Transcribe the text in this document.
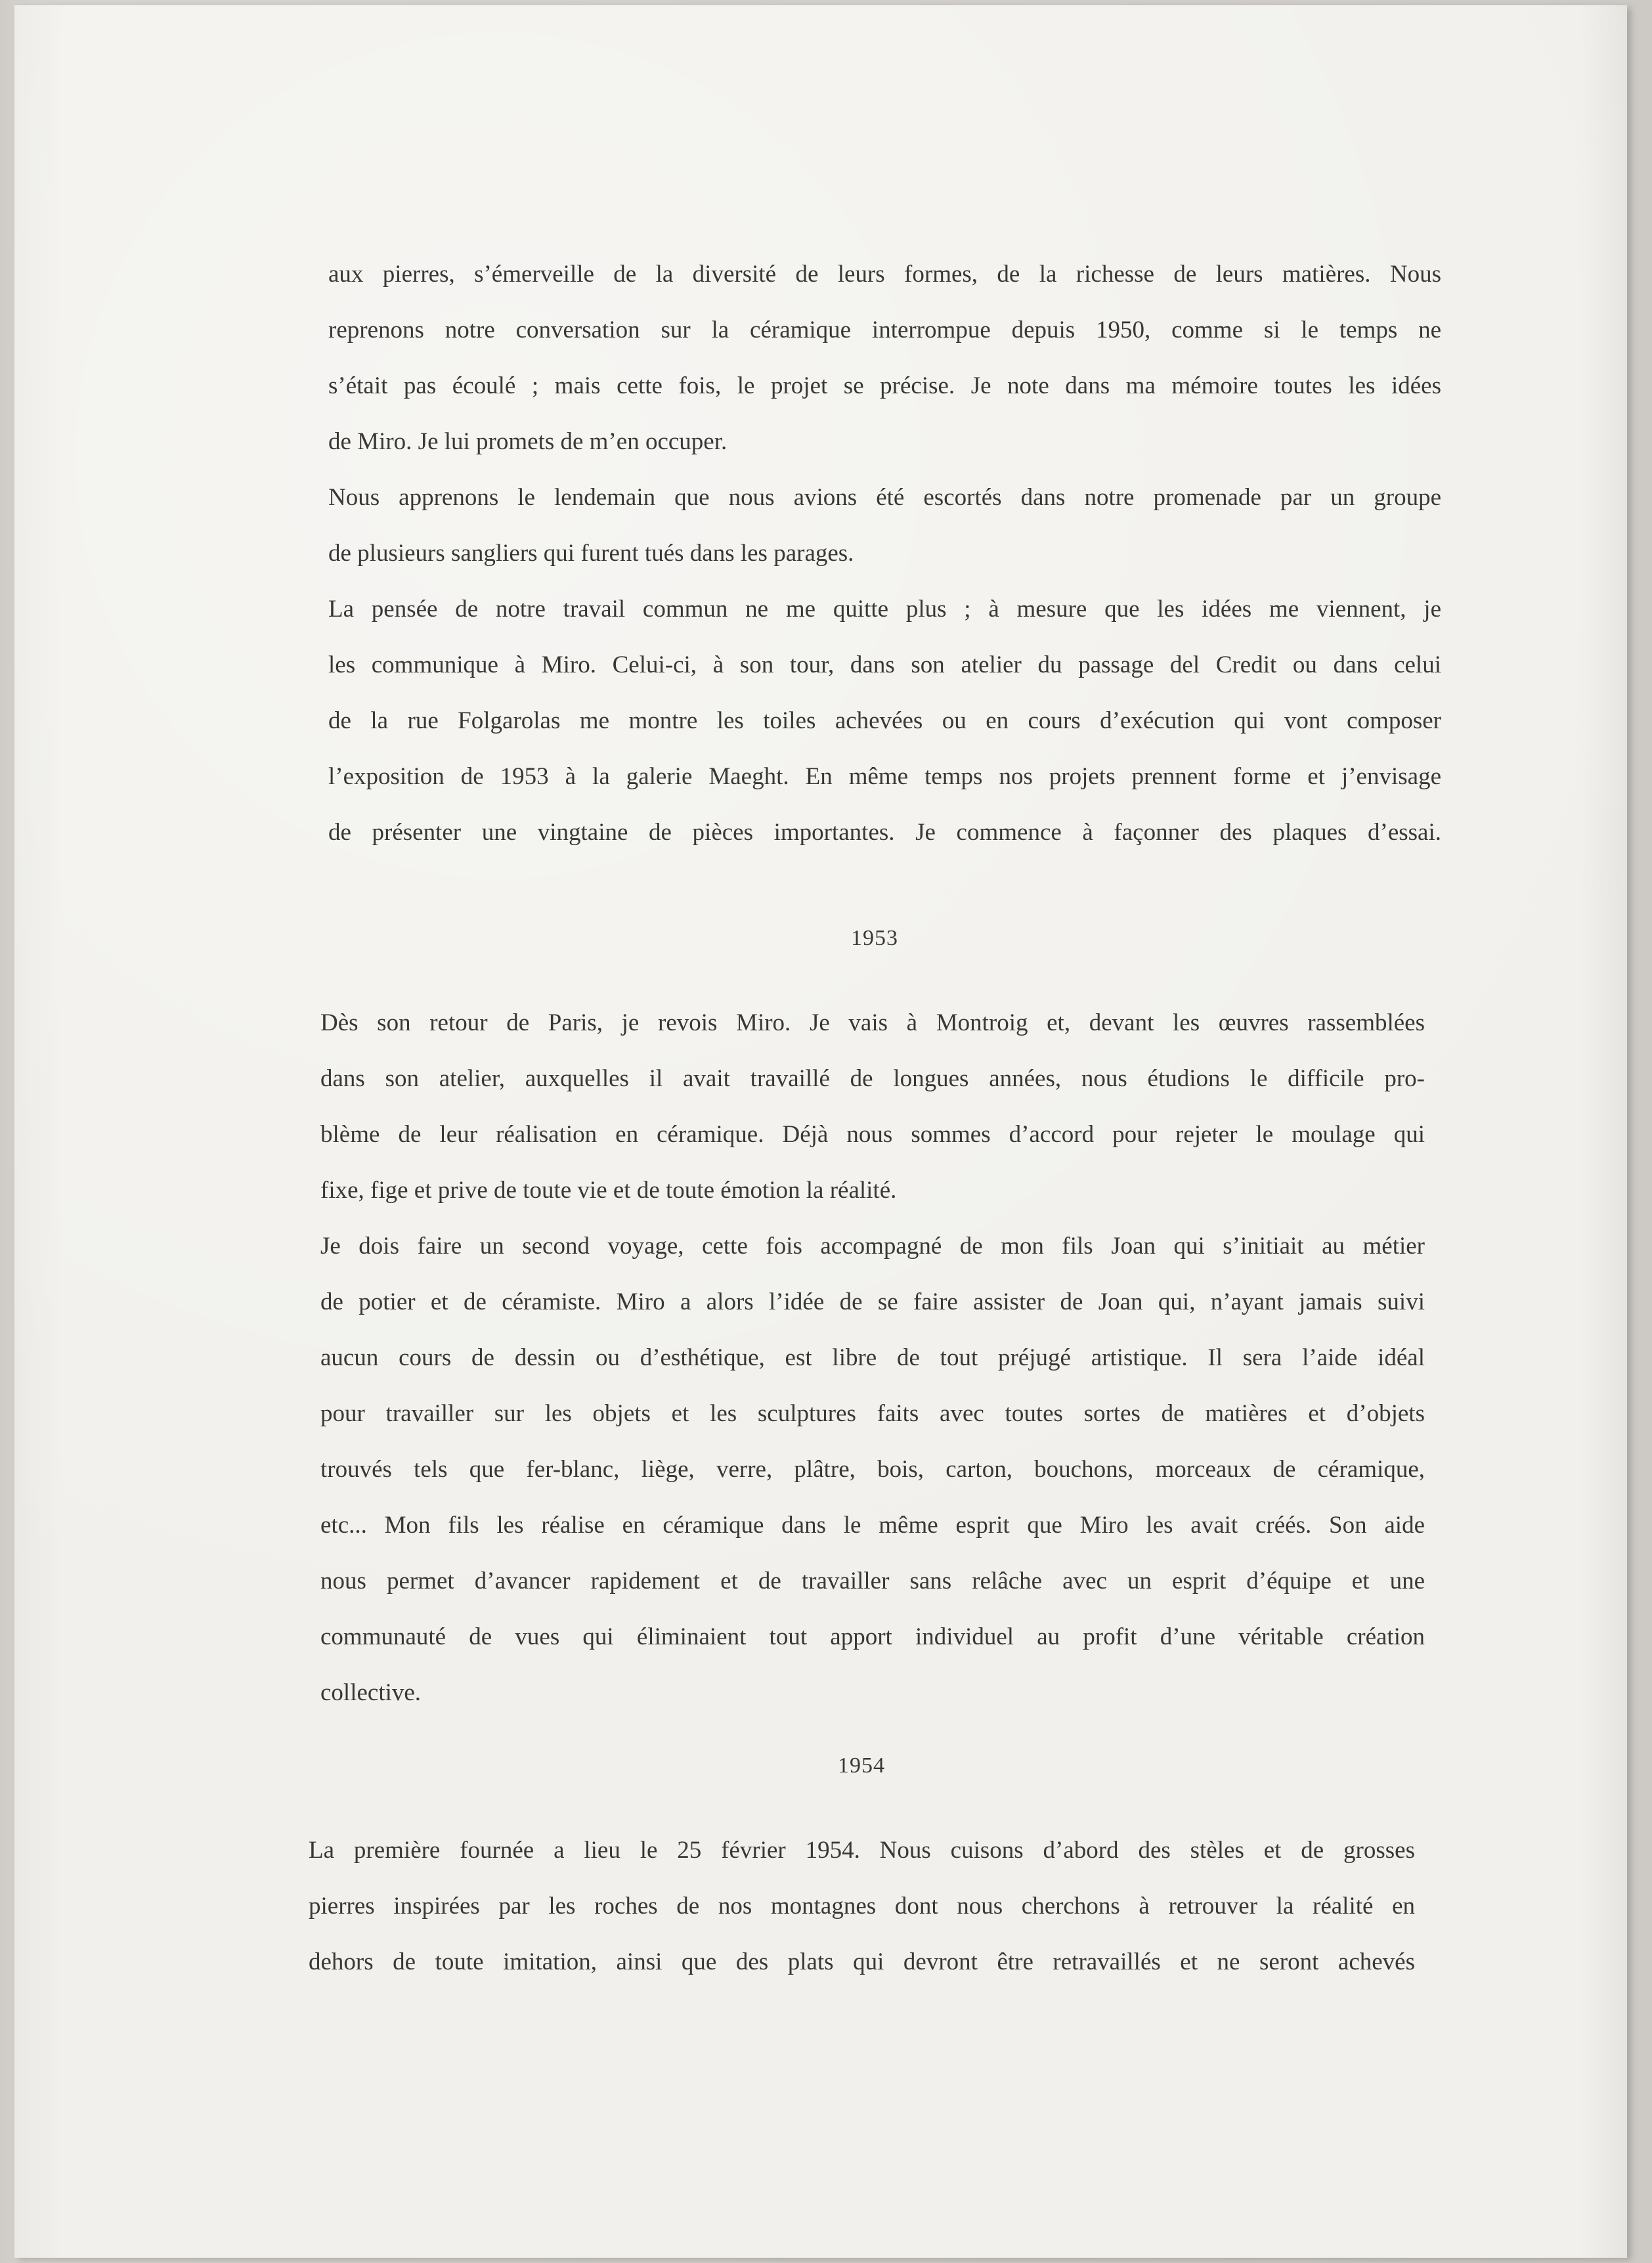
aux pierres, s’émerveille de la diversité de leurs formes, de la richesse de leurs matières. Nous
reprenons notre conversation sur la céramique interrompue depuis 1950, comme si le temps ne
s’était pas écoulé ; mais cette fois, le projet se précise. Je note dans ma mémoire toutes les idées
de Miro. Je lui promets de m’en occuper.
Nous apprenons le lendemain que nous avions été escortés dans notre promenade par un groupe
de plusieurs sangliers qui furent tués dans les parages.
La pensée de notre travail commun ne me quitte plus ; à mesure que les idées me viennent, je
les communique à Miro. Celui-ci, à son tour, dans son atelier du passage del Credit ou dans celui
de la rue Folgarolas me montre les toiles achevées ou en cours d’exécution qui vont composer
l’exposition de 1953 à la galerie Maeght. En même temps nos projets prennent forme et j’envisage
de présenter une vingtaine de pièces importantes. Je commence à façonner des plaques d’essai.
1953
Dès son retour de Paris, je revois Miro. Je vais à Montroig et, devant les œuvres rassemblées
dans son atelier, auxquelles il avait travaillé de longues années, nous étudions le difficile pro-
blème de leur réalisation en céramique. Déjà nous sommes d’accord pour rejeter le moulage qui
fixe, fige et prive de toute vie et de toute émotion la réalité.
Je dois faire un second voyage, cette fois accompagné de mon fils Joan qui s’initiait au métier
de potier et de céramiste. Miro a alors l’idée de se faire assister de Joan qui, n’ayant jamais suivi
aucun cours de dessin ou d’esthétique, est libre de tout préjugé artistique. Il sera l’aide idéal
pour travailler sur les objets et les sculptures faits avec toutes sortes de matières et d’objets
trouvés tels que fer-blanc, liège, verre, plâtre, bois, carton, bouchons, morceaux de céramique,
etc... Mon fils les réalise en céramique dans le même esprit que Miro les avait créés. Son aide
nous permet d’avancer rapidement et de travailler sans relâche avec un esprit d’équipe et une
communauté de vues qui éliminaient tout apport individuel au profit d’une véritable création
collective.
1954
La première fournée a lieu le 25 février 1954. Nous cuisons d’abord des stèles et de grosses
pierres inspirées par les roches de nos montagnes dont nous cherchons à retrouver la réalité en
dehors de toute imitation, ainsi que des plats qui devront être retravaillés et ne seront achevés
